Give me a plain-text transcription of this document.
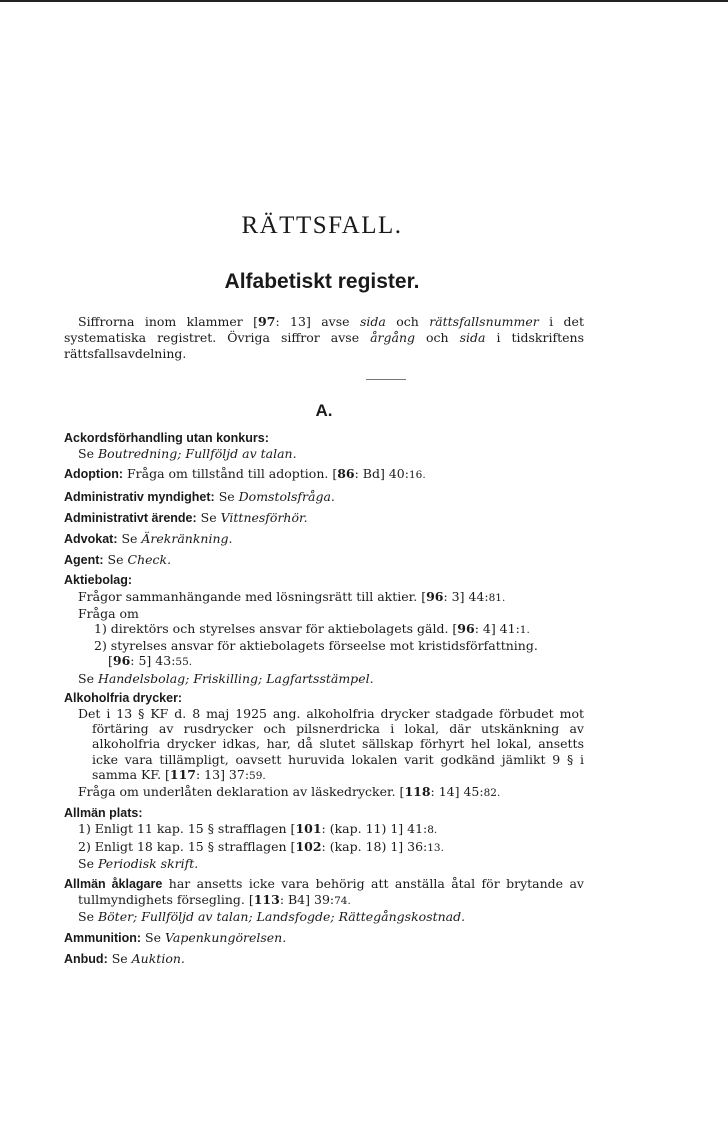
RÄTTSFALL.
Alfabetiskt register.
Siffrorna inom klammer [97: 13] avse sida och rättsfallsnummer i det systematiska registret. Övriga siffror avse årgång och sida i tidskriftens rättsfallsavdelning.
A.
Ackordsförhandling utan konkurs:
Se Boutredning; Fullföljd av talan.
Adoption: Fråga om tillstånd till adoption. [86: Bd] 40:16.
Administrativ myndighet: Se Domstolsfråga.
Administrativt ärende: Se Vittnesförhör.
Advokat: Se Ärekränkning.
Agent: Se Check.
Aktiebolag:
Frågor sammanhängande med lösningsrätt till aktier. [96: 3] 44:81.
Fråga om
1) direktörs och styrelses ansvar för aktiebolagets gäld. [96: 4] 41:1.
2) styrelses ansvar för aktiebolagets förseelse mot kristidsförfattning.
[96: 5] 43:55.
Se Handelsbolag; Friskilling; Lagfartsstämpel.
Alkoholfria drycker:
Det i 13 § KF d. 8 maj 1925 ang. alkoholfria drycker stadgade förbudet mot förtäring av rusdrycker och pilsnerdricka i lokal, där utskänkning av alkoholfria drycker idkas, har, då slutet sällskap förhyrt hel lokal, ansetts icke vara tillämpligt, oavsett huruvida lokalen varit godkänd jämlikt 9 § i samma KF. [117: 13] 37:59.
Fråga om underlåten deklaration av läskedrycker. [118: 14] 45:82.
Allmän plats:
1) Enligt 11 kap. 15 § strafflagen [101: (kap. 11) 1] 41:8.
2) Enligt 18 kap. 15 § strafflagen [102: (kap. 18) 1] 36:13.
Se Periodisk skrift.
Allmän åklagare har ansetts icke vara behörig att anställa åtal för brytande av tullmyndighets försegling. [113: B4] 39:74.
Se Böter; Fullföljd av talan; Landsfogde; Rättegångskostnad.
Ammunition: Se Vapenkungörelsen.
Anbud: Se Auktion.
